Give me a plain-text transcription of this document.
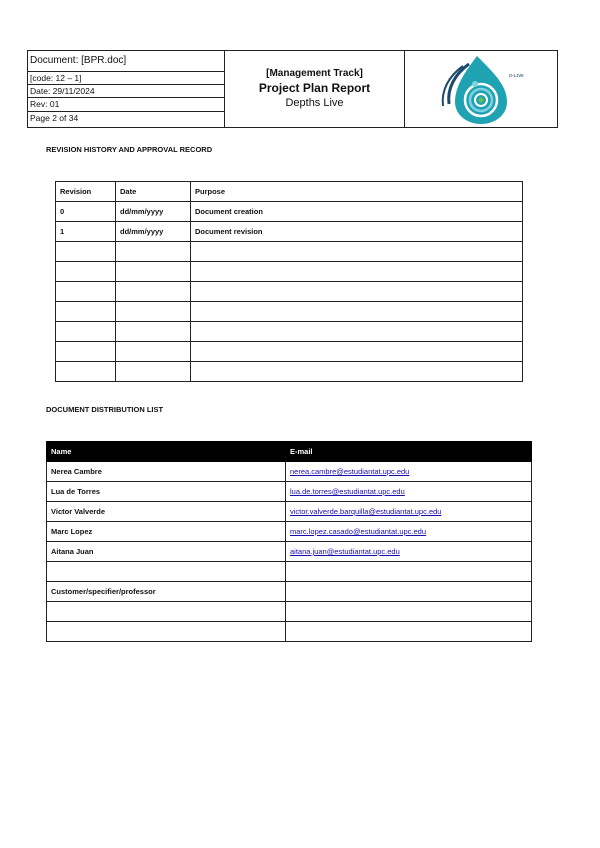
Document: [BPR.doc]
[code: 12 – 1]
Date: 29/11/2024
Rev: 01
Page 2 of 34
[Management Track]
Project Plan Report
Depths Live
ᴅ-ʟɪᴠᴇ
REVISION HISTORY AND APPROVAL RECORD
Revision	Date	Purpose
0	dd/mm/yyyy	Document creation
1	dd/mm/yyyy	Document revision

DOCUMENT DISTRIBUTION LIST
Name	E-mail
Nerea Cambre	nerea.cambre@estudiantat.upc.edu
Lua de Torres	lua.de.torres@estudiantat.upc.edu
Victor Valverde	victor.valverde.barquilla@estudiantat.upc.edu
Marc Lopez	marc.lopez.casado@estudiantat.upc.edu
Aitana Juan	aitana.juan@estudiantat.upc.edu

Customer/specifier/professor	
